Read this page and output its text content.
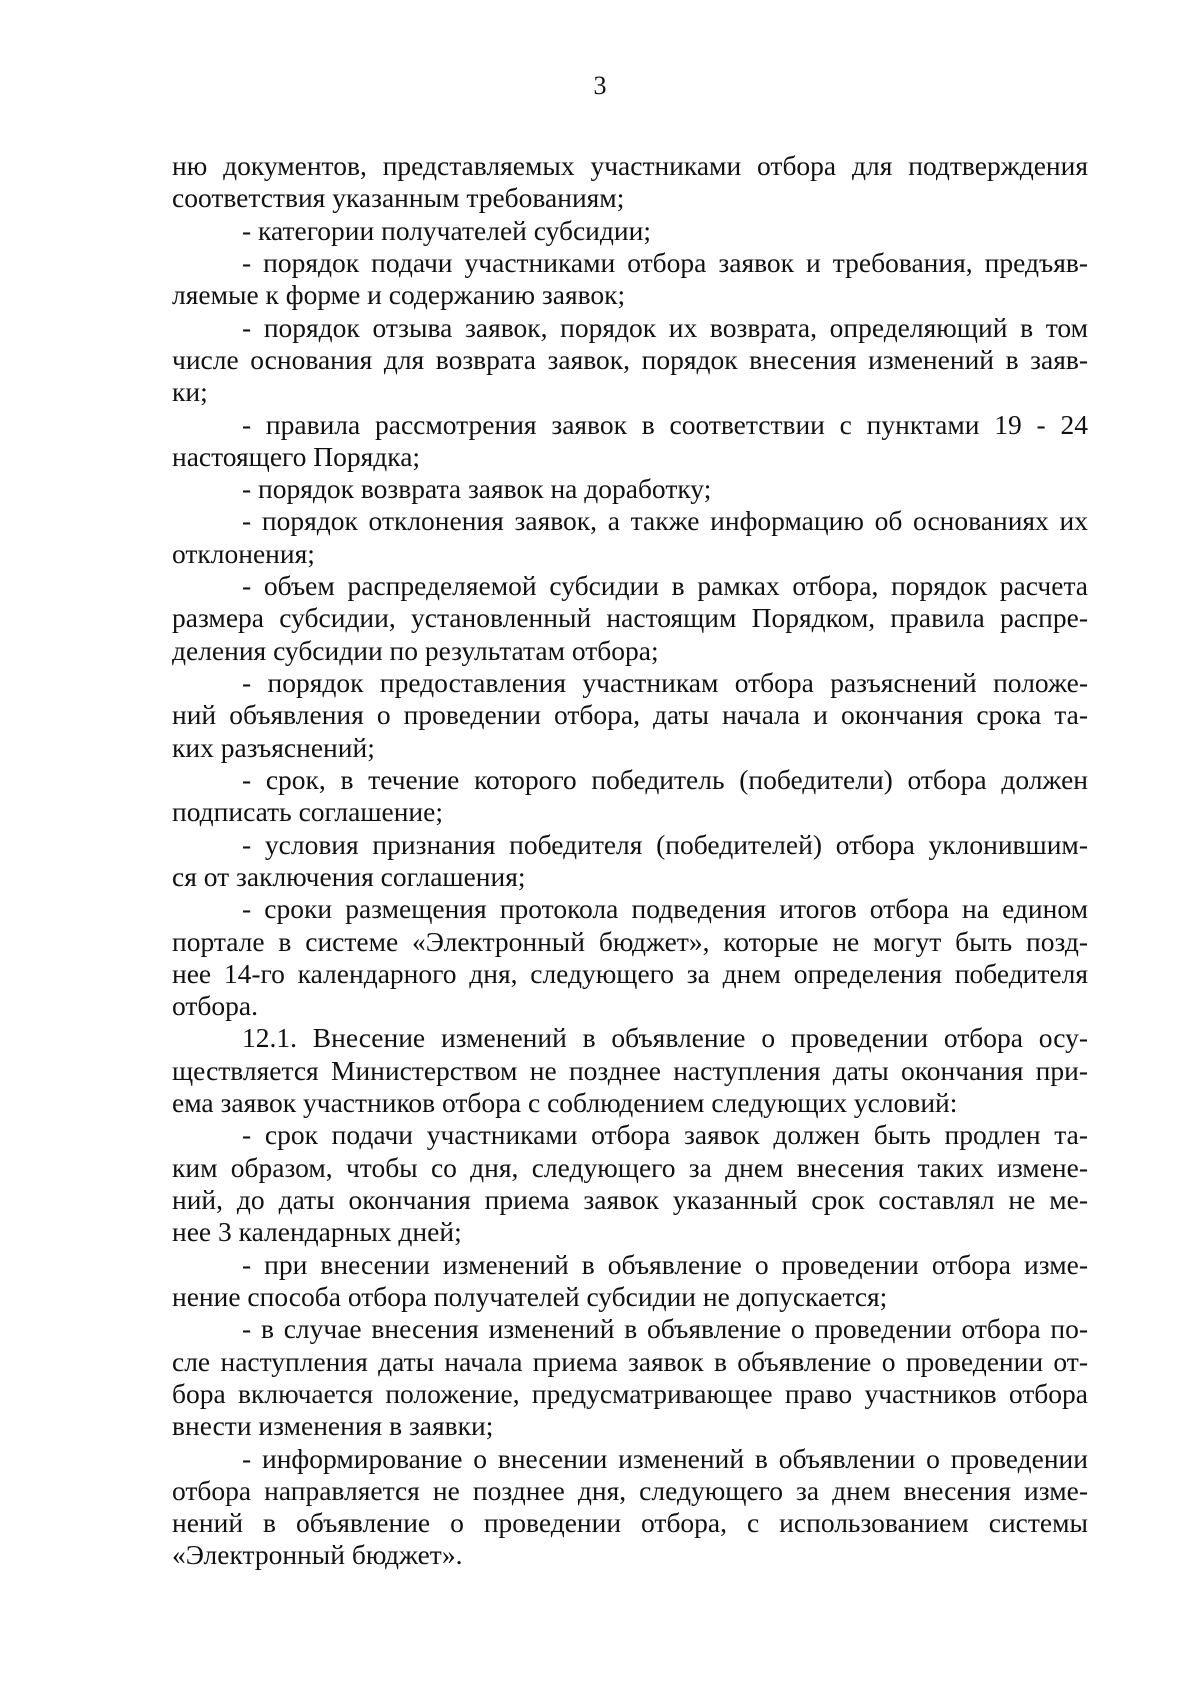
3
ню документов, представляемых участниками отбора для подтверждения
соответствия указанным требованиям;
- категории получателей субсидии;
- порядок подачи участниками отбора заявок и требования, предъяв-
ляемые к форме и содержанию заявок;
- порядок отзыва заявок, порядок их возврата, определяющий в том
числе основания для возврата заявок, порядок внесения изменений в заяв-
ки;
- правила рассмотрения заявок в соответствии с пунктами 19 - 24
настоящего Порядка;
- порядок возврата заявок на доработку;
- порядок отклонения заявок, а также информацию об основаниях их
отклонения;
- объем распределяемой субсидии в рамках отбора, порядок расчета
размера субсидии, установленный настоящим Порядком, правила распре-
деления субсидии по результатам отбора;
- порядок предоставления участникам отбора разъяснений положе-
ний объявления о проведении отбора, даты начала и окончания срока та-
ких разъяснений;
- срок, в течение которого победитель (победители) отбора должен
подписать соглашение;
- условия признания победителя (победителей) отбора уклонившим-
ся от заключения соглашения;
- сроки размещения протокола подведения итогов отбора на едином
портале в системе «Электронный бюджет», которые не могут быть позд-
нее 14-го календарного дня, следующего за днем определения победителя
отбора.
12.1. Внесение изменений в объявление о проведении отбора осу-
ществляется Министерством не позднее наступления даты окончания при-
ема заявок участников отбора с соблюдением следующих условий:
- срок подачи участниками отбора заявок должен быть продлен та-
ким образом, чтобы со дня, следующего за днем внесения таких измене-
ний, до даты окончания приема заявок указанный срок составлял не ме-
нее 3 календарных дней;
- при внесении изменений в объявление о проведении отбора изме-
нение способа отбора получателей субсидии не допускается;
- в случае внесения изменений в объявление о проведении отбора по-
сле наступления даты начала приема заявок в объявление о проведении от-
бора включается положение, предусматривающее право участников отбора
внести изменения в заявки;
- информирование о внесении изменений в объявлении о проведении
отбора направляется не позднее дня, следующего за днем внесения изме-
нений в объявление о проведении отбора, с использованием системы
«Электронный бюджет».
